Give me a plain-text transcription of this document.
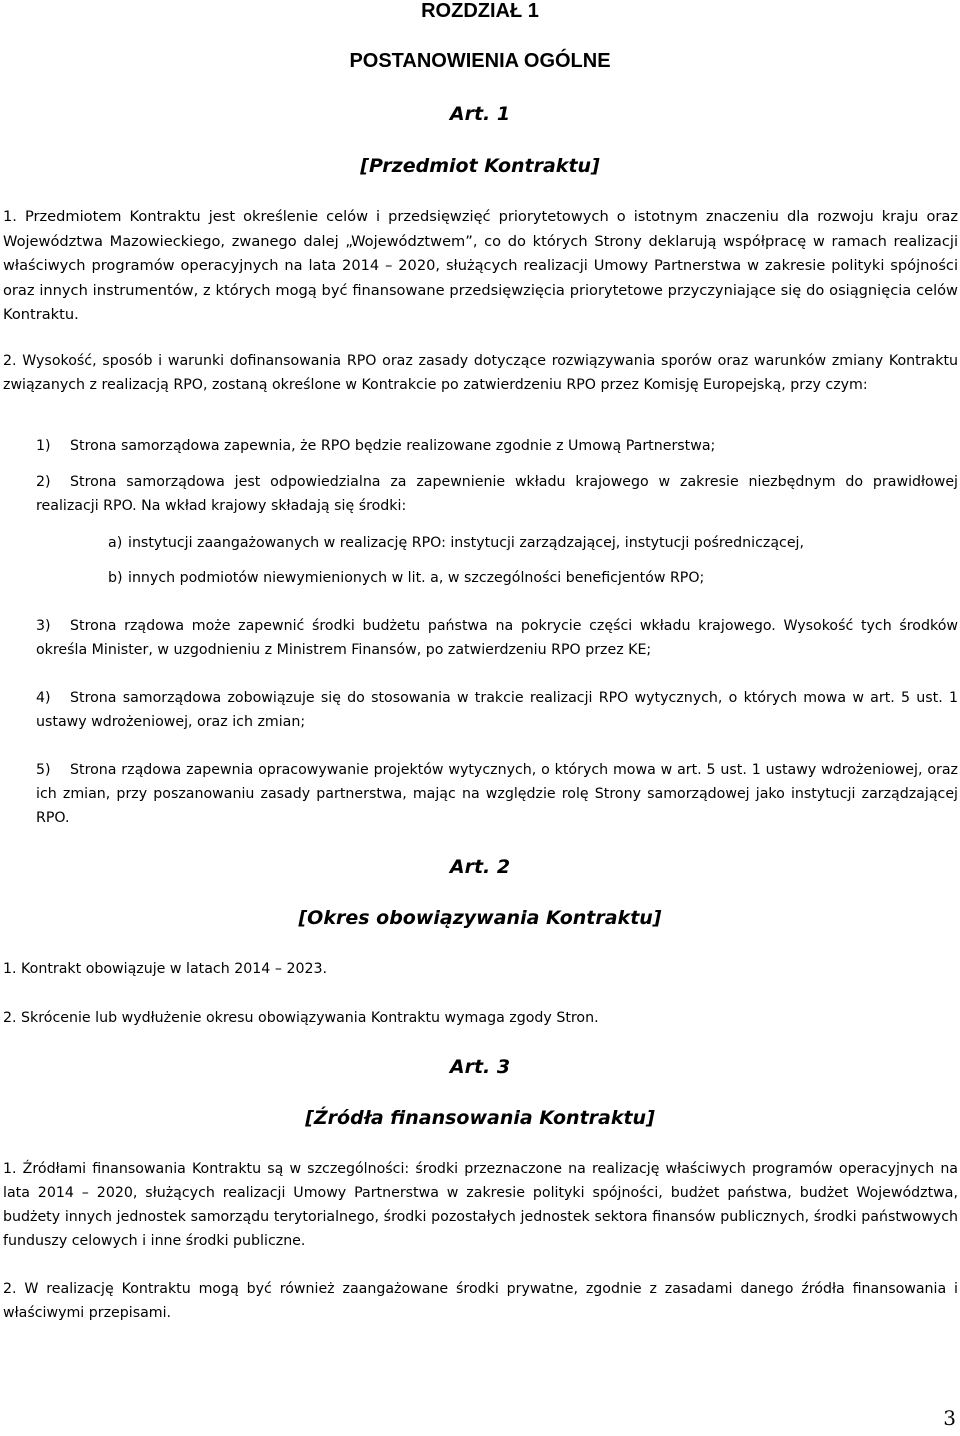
ROZDZIAŁ 1
POSTANOWIENIA OGÓLNE
Art. 1
[Przedmiot Kontraktu]
1. Przedmiotem Kontraktu jest określenie celów i przedsięwzięć priorytetowych o istotnym znaczeniu dla rozwoju kraju oraz Województwa Mazowieckiego, zwanego dalej „Województwem”, co do których Strony deklarują współpracę w ramach realizacji właściwych programów operacyjnych na lata 2014 – 2020, służących realizacji Umowy Partnerstwa w zakresie polityki spójności oraz innych instrumentów, z których mogą być finansowane przedsięwzięcia priorytetowe przyczyniające się do osiągnięcia celów Kontraktu.
2. Wysokość, sposób i warunki dofinansowania RPO oraz zasady dotyczące rozwiązywania sporów oraz warunków zmiany Kontraktu związanych z realizacją RPO, zostaną określone w Kontrakcie po zatwierdzeniu RPO przez Komisję Europejską, przy czym:
1) Strona samorządowa zapewnia, że RPO będzie realizowane zgodnie z Umową Partnerstwa;
2) Strona samorządowa jest odpowiedzialna za zapewnienie wkładu krajowego w zakresie niezbędnym do prawidłowej realizacji RPO. Na wkład krajowy składają się środki:
a) instytucji zaangażowanych w realizację RPO: instytucji zarządzającej, instytucji pośredniczącej,
b) innych podmiotów niewymienionych w lit. a, w szczególności beneficjentów RPO;
3) Strona rządowa może zapewnić środki budżetu państwa na pokrycie części wkładu krajowego. Wysokość tych środków określa Minister, w uzgodnieniu z Ministrem Finansów, po zatwierdzeniu RPO przez KE;
4) Strona samorządowa zobowiązuje się do stosowania w trakcie realizacji RPO wytycznych, o których mowa w art. 5 ust. 1 ustawy wdrożeniowej, oraz ich zmian;
5) Strona rządowa zapewnia opracowywanie projektów wytycznych, o których mowa w art. 5 ust. 1 ustawy wdrożeniowej, oraz ich zmian, przy poszanowaniu zasady partnerstwa, mając na względzie rolę Strony samorządowej jako instytucji zarządzającej RPO.
Art. 2
[Okres obowiązywania Kontraktu]
1. Kontrakt obowiązuje w latach 2014 – 2023.
2. Skrócenie lub wydłużenie okresu obowiązywania Kontraktu wymaga zgody Stron.
Art. 3
[Źródła finansowania Kontraktu]
1. Źródłami finansowania Kontraktu są w szczególności: środki przeznaczone na realizację właściwych programów operacyjnych na lata 2014 – 2020, służących realizacji Umowy Partnerstwa w zakresie polityki spójności, budżet państwa, budżet Województwa, budżety innych jednostek samorządu terytorialnego, środki pozostałych jednostek sektora finansów publicznych, środki państwowych funduszy celowych i inne środki publiczne.
2. W realizację Kontraktu mogą być również zaangażowane środki prywatne, zgodnie z zasadami danego źródła finansowania i właściwymi przepisami.
3
